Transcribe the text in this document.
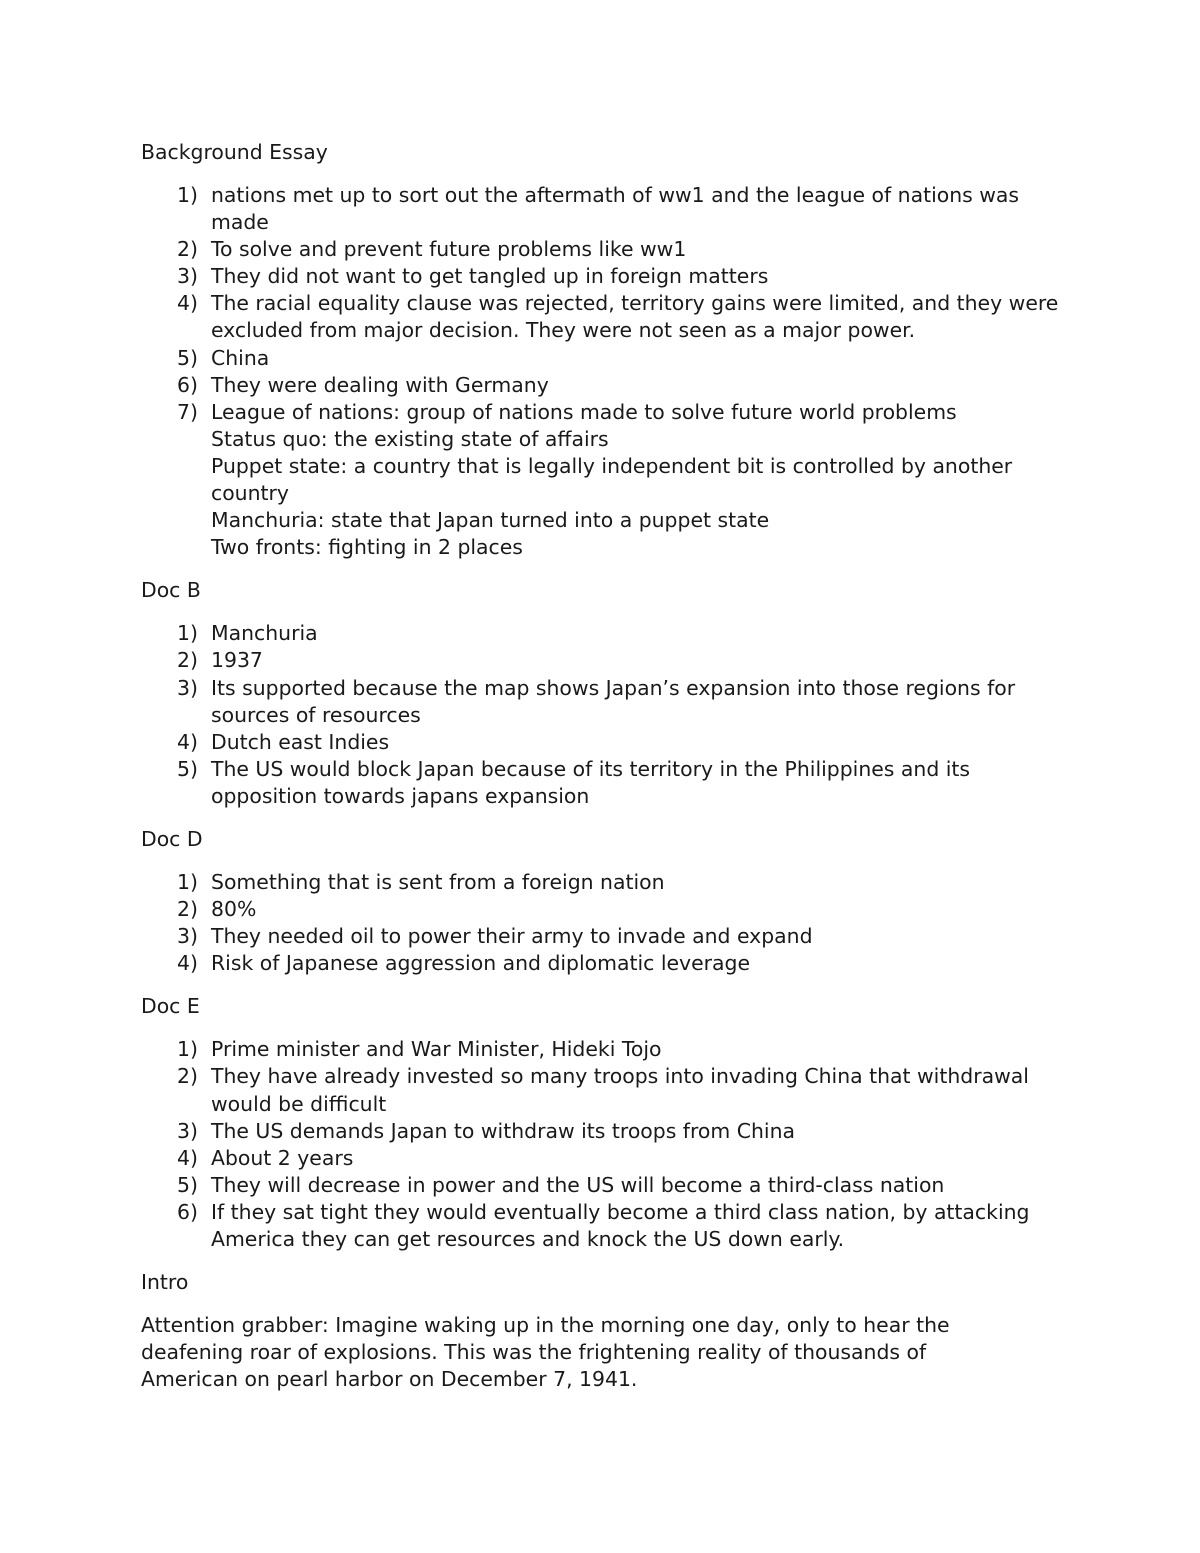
Background Essay
1) nations met up to sort out the aftermath of ww1 and the league of nations was made
2) To solve and prevent future problems like ww1
3) They did not want to get tangled up in foreign matters
4) The racial equality clause was rejected, territory gains were limited, and they were excluded from major decision. They were not seen as a major power.
5) China
6) They were dealing with Germany
7) League of nations: group of nations made to solve future world problems
Status quo: the existing state of affairs
Puppet state: a country that is legally independent bit is controlled by another country
Manchuria: state that Japan turned into a puppet state
Two fronts: fighting in 2 places
Doc B
1) Manchuria
2) 1937
3) Its supported because the map shows Japan’s expansion into those regions for sources of resources
4) Dutch east Indies
5) The US would block Japan because of its territory in the Philippines and its opposition towards japans expansion
Doc D
1) Something that is sent from a foreign nation
2) 80%
3) They needed oil to power their army to invade and expand
4) Risk of Japanese aggression and diplomatic leverage
Doc E
1) Prime minister and War Minister, Hideki Tojo
2) They have already invested so many troops into invading China that withdrawal would be difficult
3) The US demands Japan to withdraw its troops from China
4) About 2 years
5) They will decrease in power and the US will become a third-class nation
6) If they sat tight they would eventually become a third class nation, by attacking America they can get resources and knock the US down early.
Intro

Attention grabber: Imagine waking up in the morning one day, only to hear the deafening roar of explosions. This was the frightening reality of thousands of American on pearl harbor on December 7, 1941.
